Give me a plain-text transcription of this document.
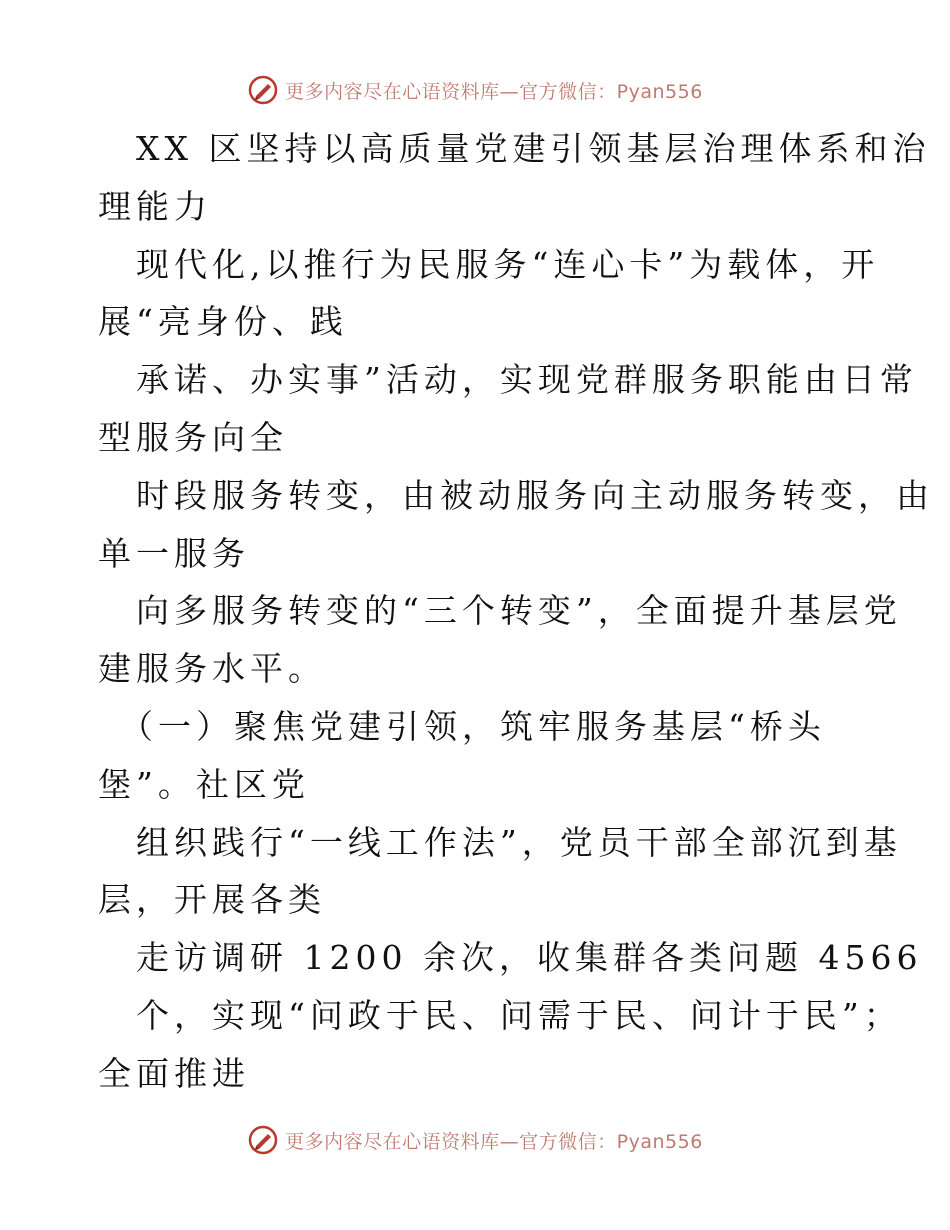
更多内容尽在心语资料库—官方微信：Pyan556
XX 区坚持以高质量党建引领基层治理体系和治
理能力
现代化,以推行为民服务“连心卡”为载体，开
展“亮身份、践
承诺、办实事”活动，实现党群服务职能由日常
型服务向全
时段服务转变，由被动服务向主动服务转变，由
单一服务
向多服务转变的“三个转变”，全面提升基层党
建服务水平。
（一）聚焦党建引领，筑牢服务基层“桥头
堡”。社区党
组织践行“一线工作法”，党员干部全部沉到基
层，开展各类
走访调研 1200 余次，收集群各类问题 4566
个，实现“问政于民、问需于民、问计于民”；
全面推进
更多内容尽在心语资料库—官方微信：Pyan556
